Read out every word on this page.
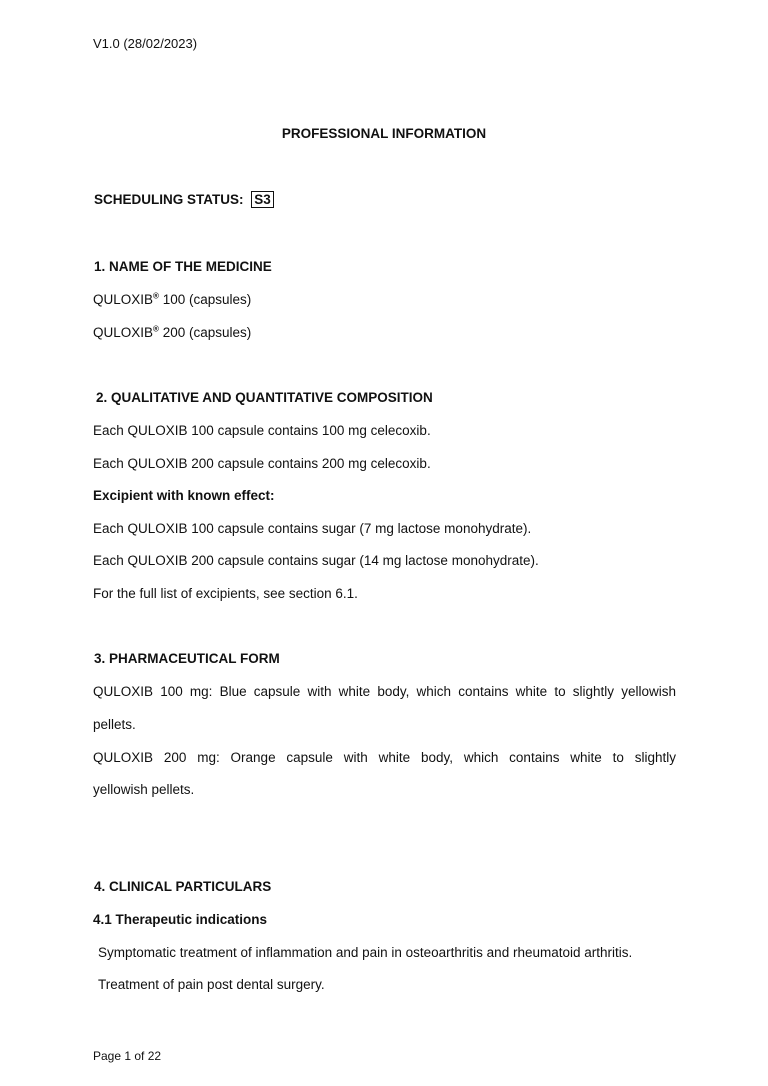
V1.0 (28/02/2023)
PROFESSIONAL INFORMATION
SCHEDULING STATUS: S3
1. NAME OF THE MEDICINE
QULOXIB® 100 (capsules)
QULOXIB® 200 (capsules)
2. QUALITATIVE AND QUANTITATIVE COMPOSITION
Each QULOXIB 100 capsule contains 100 mg celecoxib.
Each QULOXIB 200 capsule contains 200 mg celecoxib.
Excipient with known effect:
Each QULOXIB 100 capsule contains sugar (7 mg lactose monohydrate).
Each QULOXIB 200 capsule contains sugar (14 mg lactose monohydrate).
For the full list of excipients, see section 6.1.
3. PHARMACEUTICAL FORM
QULOXIB 100 mg: Blue capsule with white body, which contains white to slightly yellowish
pellets.
QULOXIB 200 mg: Orange capsule with white body, which contains white to slightly
yellowish pellets.
4. CLINICAL PARTICULARS
4.1 Therapeutic indications
Symptomatic treatment of inflammation and pain in osteoarthritis and rheumatoid arthritis.
Treatment of pain post dental surgery.
Page 1 of 22
